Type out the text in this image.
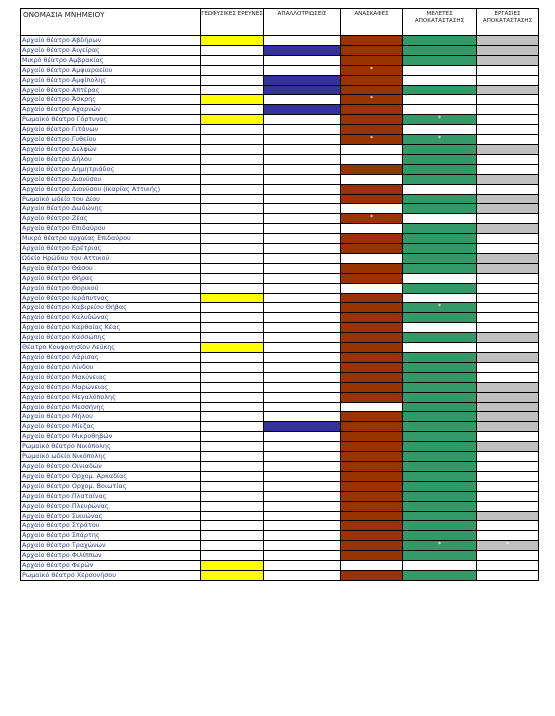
ΟΝΟΜΑΣΙΑ ΜΝΗΜΕΙΟΥ	ΓΕΩΦΥΣΙΚΕΣ ΕΡΕΥΝΕΣ	ΑΠΑΛΛΟΤΡΙΩΣΕΙΣ	ΑΝΑΣΚΑΦΕΣ	ΜΕΛΕΤΕΣ ΑΠΟΚΑΤΑΣΤΑΣΗΣ	ΕΡΓΑΣΙΕΣ ΑΠΟΚΑΤΑΣΤΑΣΗΣ
Αρχαίο θέατρο Αβδήρων					
Αρχαίο θέατρο Αιγείρας					
Μικρό θέατρο Αμβρακίας					
Αρχαίο θέατρο Αμφιαραείου			*		
Αρχαίο θέατρο Αμφίπολης					
Αρχαίο θέατρο Απτέρας					
Αρχαίο θέατρο Άσκρης			*		
Αρχαίο θέατρο Αχαρνών					
Ρωμαϊκό θέατρο Γόρτυνας				*	
Αρχαίο θέατρο Γιτάνων					
Αρχαίο θέατρο Γυθείου			*	*	
Αρχαίο θέατρο Δελφών					
Αρχαίο θέατρο Δήλου					
Αρχαίο θέατρο Δημητριάδος					
Αρχαίο θέατρο Διονύσου					
Αρχαίο θέατρο Διονύσου (Ικαρίας Αττικής)					
Ρωμαϊκό ωδείο του Δίου					
Αρχαίο θέατρο Δωδώνης					
Αρχαίο θέατρο Ζέας			*		
Αρχαίο θέατρο Επιδαύρου					
Μικρό θέατρο αρχαίας Επιδαύρου					
Αρχαίο θέατρο Ερέτριας					
Ωδείο Ηρώδου του Αττικού					
Αρχαίο θέατρο Θάσου					
Αρχαίο θέατρο Θήρας					
Αρχαίο θέατρο Θορικού					
Αρχαίο θέατρο Ιεράπυτνας					
Αρχαίο θέατρο Καβιρείου Θήβας				*	
Αρχαίο θέατρο Καλυδώνας					
Αρχαίο θέατρο Καρθαίας Κέας					
Αρχαίο θέατρο Κασσώπης					
Θέατρο Κουφονησίου Λεύκης					
Αρχαίο θέατρο Λάρισας					
Αρχαίο θέατρο Λίνδου					
Αρχαίο θέατρο Μακύνειας					
Αρχαίο θέατρο Μαρώνειας					
Αρχαίο θέατρο Μεγαλόπολης					
Αρχαίο θέατρο Μεσσήνης					
Αρχαίο θέατρο Μήλου					
Αρχαίο θέατρο Μίεζας					
Αρχαίο θέατρο Μικροθηβών					
Ρωμαϊκό θέατρο Νικόπολης					
Ρωμαϊκό ωδείο Νικόπολης					
Αρχαίο θέατρο Οινιαδών					
Αρχαίο θέατρο Ορχομ. Αρκαδίας					
Αρχαίο θέατρο Ορχομ. Βοιωτίας					
Αρχαίο θέατρο Πλαταίνας					
Αρχαίο θέατρο Πλευρώνας					
Αρχαίο θέατρο Σικυώνας					
Αρχαίο θέατρο Στράτου					
Αρχαίο θέατρο Σπάρτης					
Αρχαίο θέατρο Τραχώνων				*	*
Αρχαίο θέατρο Φιλίππων					
Αρχαίο θέατρο Φερών					
Ρωμαϊκό θέατρο Χερσονήσου					
